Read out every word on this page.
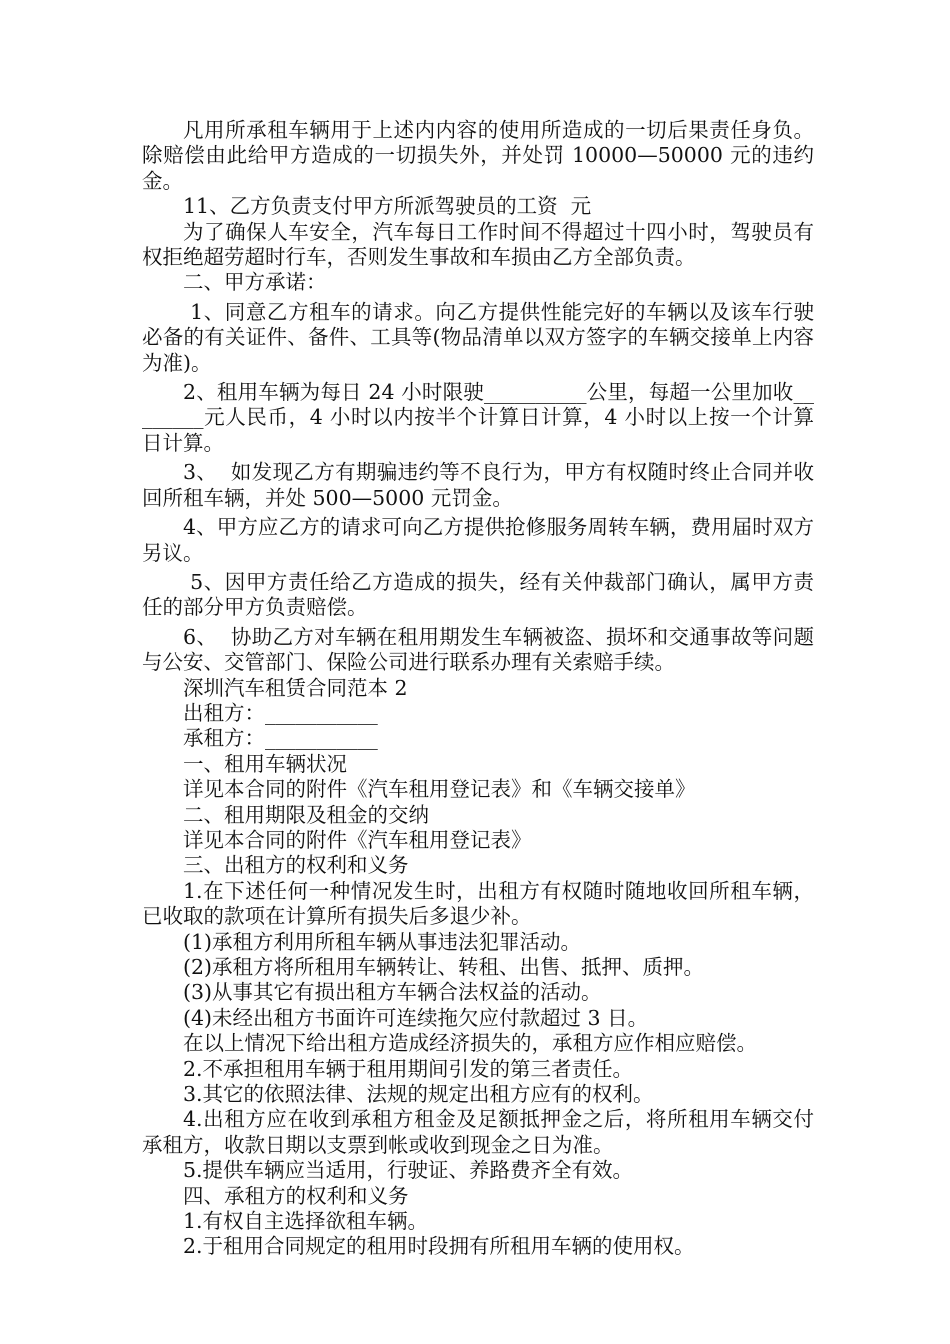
凡用所承租车辆用于上述内内容的使用所造成的一切后果责任身负。除赔偿由此给甲方造成的一切损失外，并处罚 10000—50000 元的违约金。

11、乙方负责支付甲方所派驾驶员的工资  元

为了确保人车安全，汽车每日工作时间不得超过十四小时，驾驶员有权拒绝超劳超时行车，否则发生事故和车损由乙方全部负责。

二、甲方承诺：

1、同意乙方租车的请求。向乙方提供性能完好的车辆以及该车行驶必备的有关证件、备件、工具等(物品清单以双方签字的车辆交接单上内容为准)。

2、租用车辆为每日 24 小时限驶__________公里，每超一公里加收________元人民币，4 小时以内按半个计算日计算，4 小时以上按一个计算日计算。

3、  如发现乙方有期骗违约等不良行为，甲方有权随时终止合同并收回所租车辆，并处 500—5000 元罚金。

4、甲方应乙方的请求可向乙方提供抢修服务周转车辆，费用届时双方另议。

5、因甲方责任给乙方造成的损失，经有关仲裁部门确认，属甲方责任的部分甲方负责赔偿。

6、  协助乙方对车辆在租用期发生车辆被盗、损坏和交通事故等问题与公安、交管部门、保险公司进行联系办理有关索赔手续。

深圳汽车租赁合同范本 2

出租方：___________

承租方：___________

一、租用车辆状况

详见本合同的附件《汽车租用登记表》和《车辆交接单》

二、租用期限及租金的交纳

详见本合同的附件《汽车租用登记表》

三、出租方的权利和义务

1.在下述任何一种情况发生时，出租方有权随时随地收回所租车辆，已收取的款项在计算所有损失后多退少补。

(1)承租方利用所租车辆从事违法犯罪活动。

(2)承租方将所租用车辆转让、转租、出售、抵押、质押。

(3)从事其它有损出租方车辆合法权益的活动。

(4)未经出租方书面许可连续拖欠应付款超过 3 日。

在以上情况下给出租方造成经济损失的，承租方应作相应赔偿。

2.不承担租用车辆于租用期间引发的第三者责任。

3.其它的依照法律、法规的规定出租方应有的权利。

4.出租方应在收到承租方租金及足额抵押金之后，将所租用车辆交付承租方，收款日期以支票到帐或收到现金之日为准。

5.提供车辆应当适用，行驶证、养路费齐全有效。

四、承租方的权利和义务

1.有权自主选择欲租车辆。

2.于租用合同规定的租用时段拥有所租用车辆的使用权。
